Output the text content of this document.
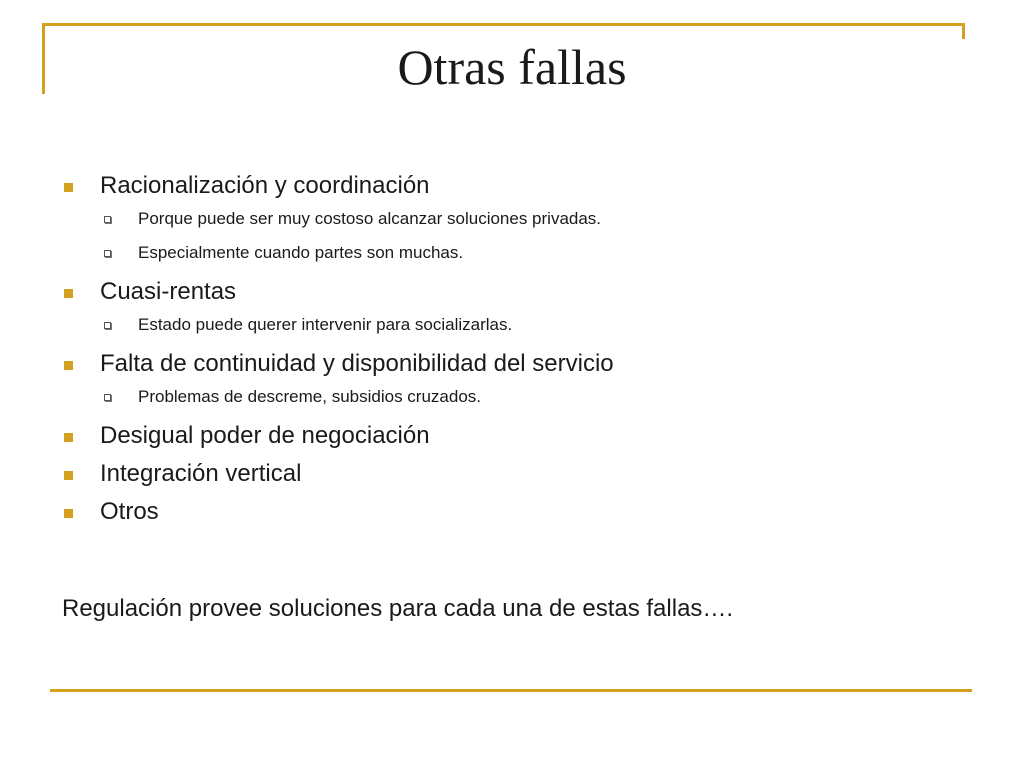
Otras fallas
Racionalización y coordinación
Porque puede ser muy costoso alcanzar soluciones privadas.
Especialmente cuando partes son muchas.
Cuasi-rentas
Estado puede querer intervenir para socializarlas.
Falta de continuidad y disponibilidad del servicio
Problemas de descreme, subsidios cruzados.
Desigual poder de negociación
Integración vertical
Otros
Regulación provee soluciones para cada una de estas fallas….
